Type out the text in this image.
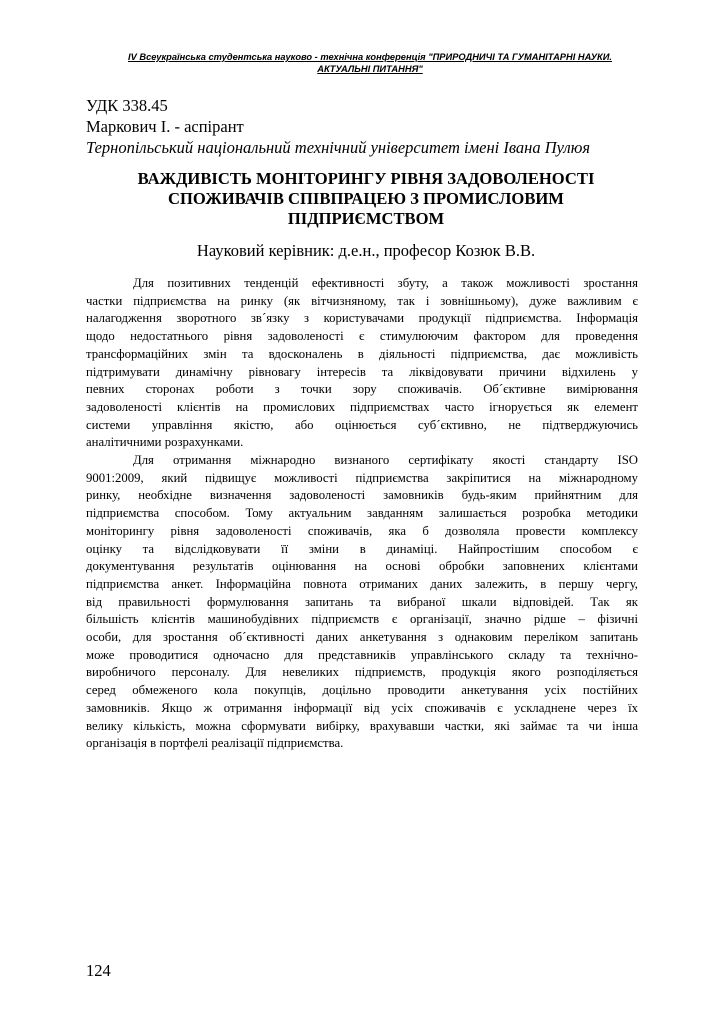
IV Всеукраїнська студентська науково - технічна конференція "ПРИРОДНИЧІ ТА ГУМАНІТАРНІ НАУКИ.
АКТУАЛЬНІ ПИТАННЯ"
УДК 338.45
Маркович І. - аспірант
Тернопільський національний технічний університет імені Івана Пулюя
ВАЖДИВІСТЬ МОНІТОРИНГУ РІВНЯ ЗАДОВОЛЕНОСТІ
СПОЖИВАЧІВ СПІВПРАЦЕЮ З ПРОМИСЛОВИМ
ПІДПРИЄМСТВОМ
Науковий керівник: д.е.н., професор Козюк В.В.

Для позитивних тенденцій ефективності збуту, а також можливості зростання
частки підприємства на ринку (як вітчизняному, так і зовнішньому), дуже важливим є
налагодження зворотного зв´язку з користувачами продукції підприємства. Інформація
щодо недостатнього рівня задоволеності є стимулюючим фактором для проведення
трансформаційних змін та вдосконалень в діяльності підприємства, дає можливість
підтримувати динамічну рівновагу інтересів та ліквідовувати причини відхилень у
певних сторонах роботи з точки зору споживачів. Об´єктивне вимірювання
задоволеності клієнтів на промислових підприємствах часто ігнорується як елемент
системи управління якістю, або оцінюється суб´єктивно, не підтверджуючись
аналітичними розрахунками.

Для отримання міжнародно визнаного сертифікату якості стандарту ISO
9001:2009, який підвищує можливості підприємства закріпитися на міжнародному
ринку, необхідне визначення задоволеності замовників будь-яким прийнятним для
підприємства способом. Тому актуальним завданням залишається розробка методики
моніторингу рівня задоволеності споживачів, яка б дозволяла провести комплексу
оцінку та відслідковувати її зміни в динаміці. Найпростішим способом є
документування результатів оцінювання на основі обробки заповнених клієнтами
підприємства анкет. Інформаційна повнота отриманих даних залежить, в першу чергу,
від правильності формулювання запитань та вибраної шкали відповідей. Так як
більшість клієнтів машинобудівних підприємств є організації, значно рідше – фізичні
особи, для зростання об´єктивності даних анкетування з однаковим переліком запитань
може проводитися одночасно для представників управлінського складу та технічно-
виробничого персоналу. Для невеликих підприємств, продукція якого розподіляється
серед обмеженого кола покупців, доцільно проводити анкетування усіх постійних
замовників. Якщо ж отримання інформації від усіх споживачів є ускладнене через їх
велику кількість, можна сформувати вибірку, врахувавши частки, які займає та чи інша
організація в портфелі реалізації підприємства.

124
